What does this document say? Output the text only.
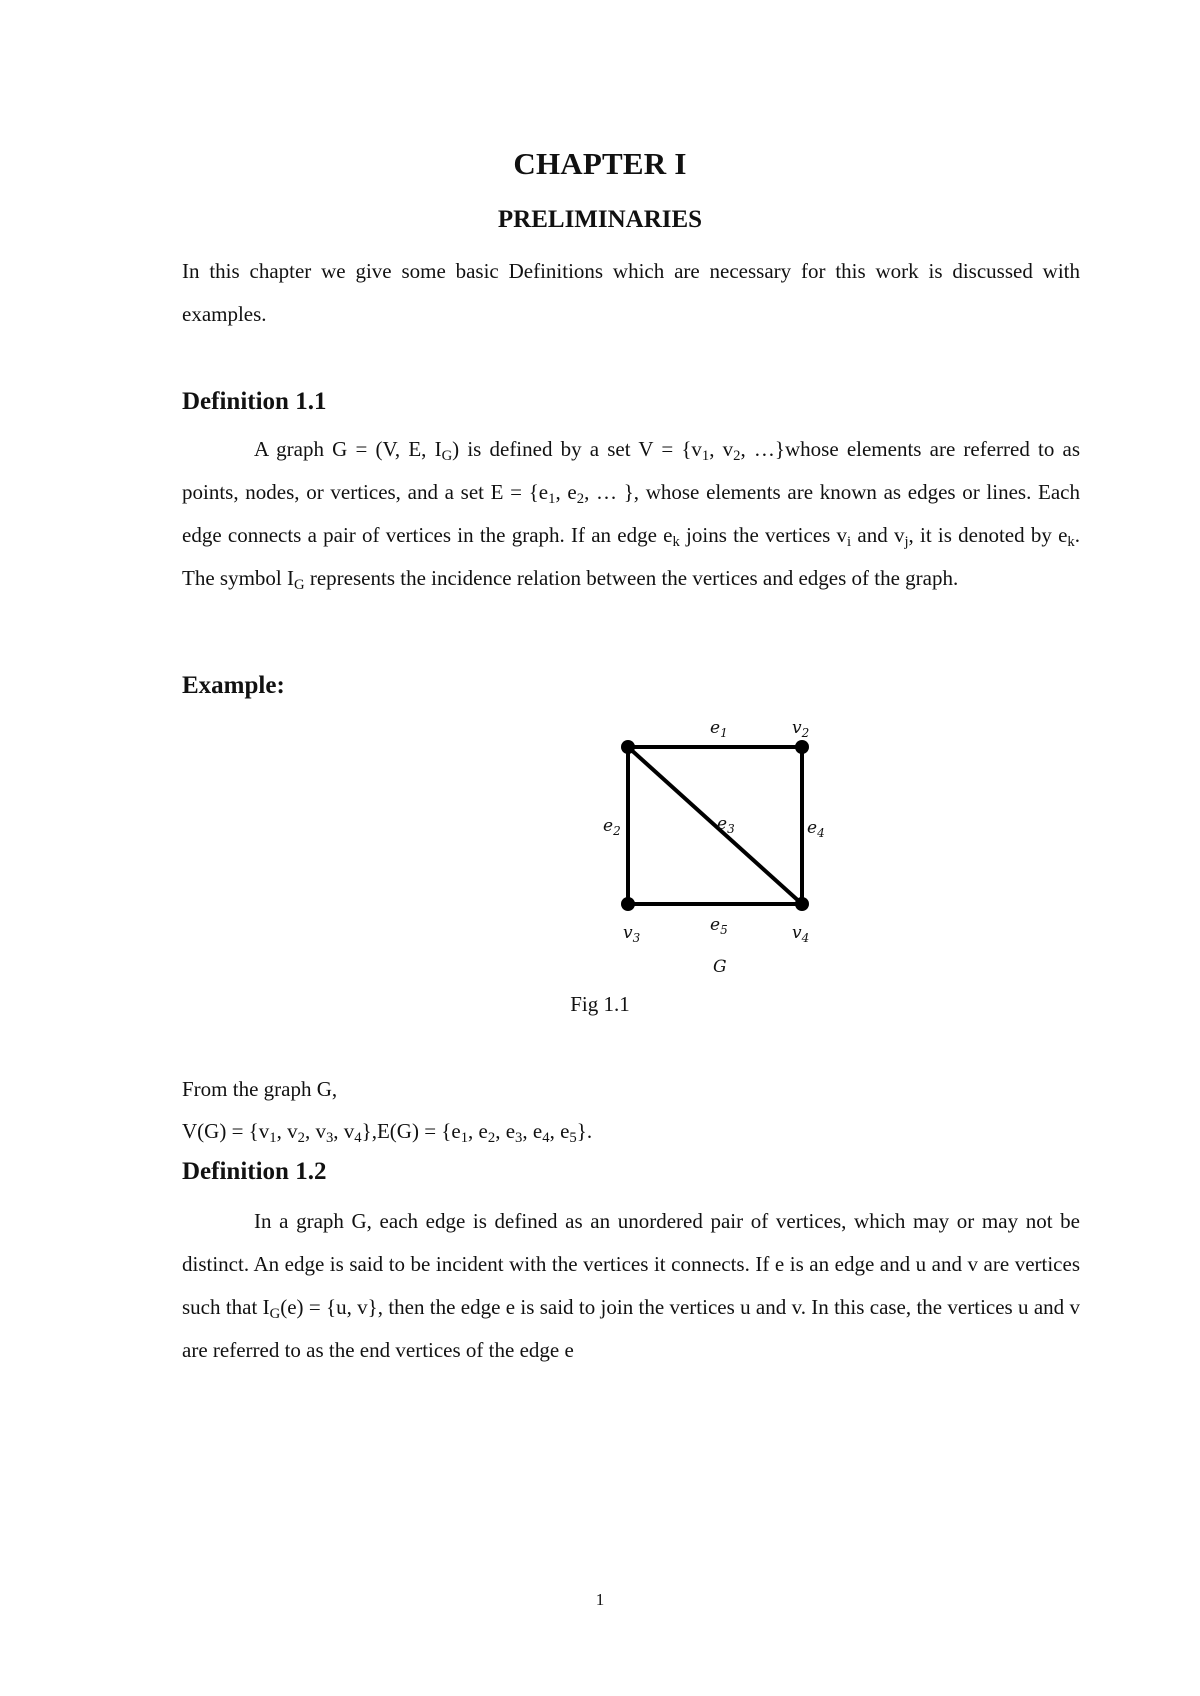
CHAPTER I
PRELIMINARIES

In this chapter we give some basic Definitions which are necessary for this work is discussed with examples.

Definition 1.1

A graph G = (V, E, $I_G$) is defined by a set $V = \{v_1$, $v_2$, …}whose elements are referred to as points, nodes, or vertices, and a set $E = \{e_1$, $e_2$, … }, whose elements are known as edges or lines. Each edge connects a pair of vertices in the graph. If an edge $e_k$ joins the vertices $v_i$ and $v_j$, it is denoted by $e_k$. The symbol $I_G$ represents the incidence relation between the vertices and edges of the graph.

Example:
$e_1$	$v_2$
$e_2$	$e_3$	$e_4$
$v_3$
$e_5$	$v_4$
G
Fig 1.1
From the graph G,
$V(G) = \{v_1$, $v_2$, $v_3$, $v_4\},E(G) = \{e_1$, $e_2$, $e_3$, $e_4$, $e_5$}.
Definition 1.2

In a graph G, each edge is defined as an unordered pair of vertices, which may or may not be distinct. An edge is said to be incident with the vertices it connects. If e is an edge and u and v are vertices such that $I_G(e) = \{u$, v}, then the edge e is said to join the vertices u and v. In this case, the vertices u and v are referred to as the end vertices of the edge e

1
